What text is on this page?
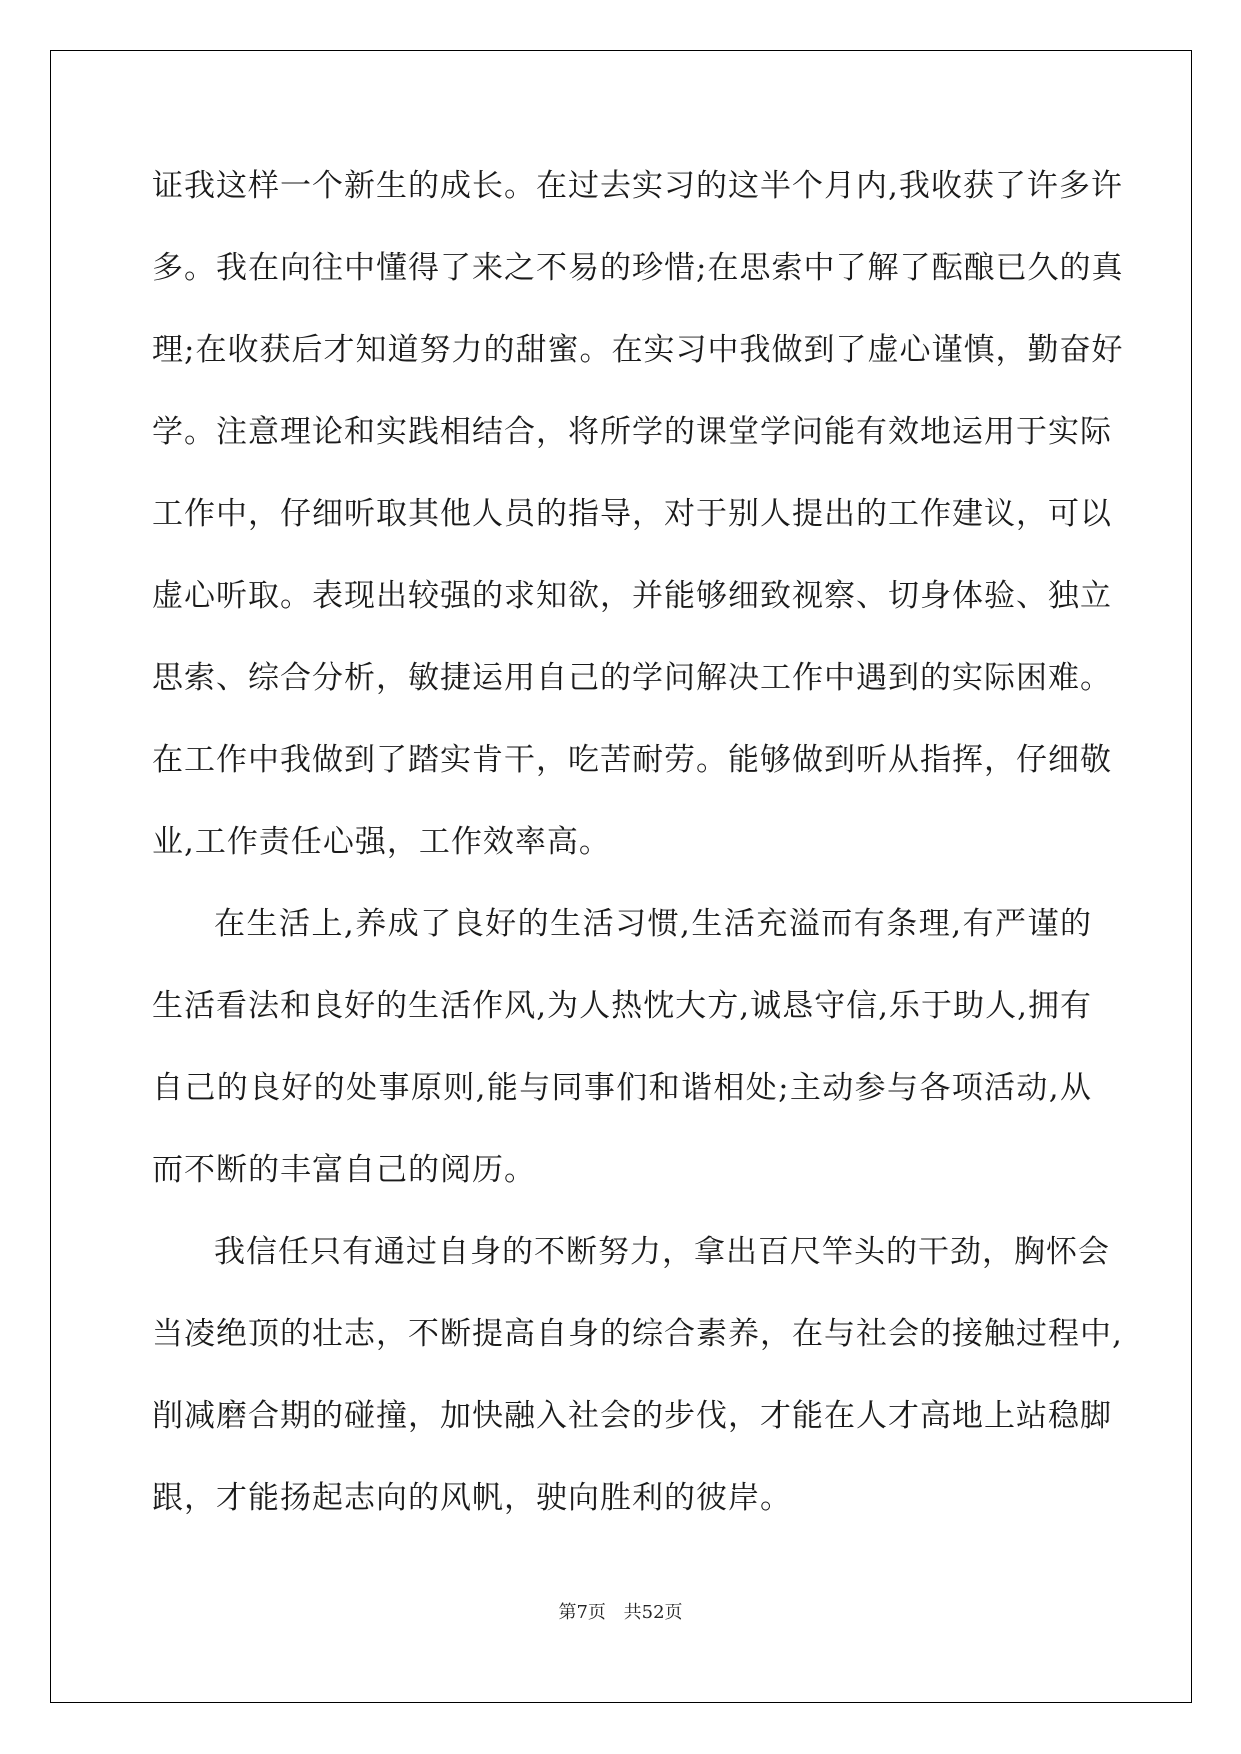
证我这样一个新生的成长。在过去实习的这半个月内,我收获了许多许
多。我在向往中懂得了来之不易的珍惜;在思索中了解了酝酿已久的真
理;在收获后才知道努力的甜蜜。在实习中我做到了虚心谨慎，勤奋好
学。注意理论和实践相结合，将所学的课堂学问能有效地运用于实际
工作中，仔细听取其他人员的指导，对于别人提出的工作建议，可以
虚心听取。表现出较强的求知欲，并能够细致视察、切身体验、独立
思索、综合分析，敏捷运用自己的学问解决工作中遇到的实际困难。
在工作中我做到了踏实肯干，吃苦耐劳。能够做到听从指挥，仔细敬
业,工作责任心强，工作效率高。
在生活上,养成了良好的生活习惯,生活充溢而有条理,有严谨的
生活看法和良好的生活作风,为人热忱大方,诚恳守信,乐于助人,拥有
自己的良好的处事原则,能与同事们和谐相处;主动参与各项活动,从
而不断的丰富自己的阅历。
我信任只有通过自身的不断努力，拿出百尺竿头的干劲，胸怀会
当凌绝顶的壮志，不断提高自身的综合素养，在与社会的接触过程中,
削减磨合期的碰撞，加快融入社会的步伐，才能在人才高地上站稳脚
跟，才能扬起志向的风帆，驶向胜利的彼岸。
第7页 共52页
